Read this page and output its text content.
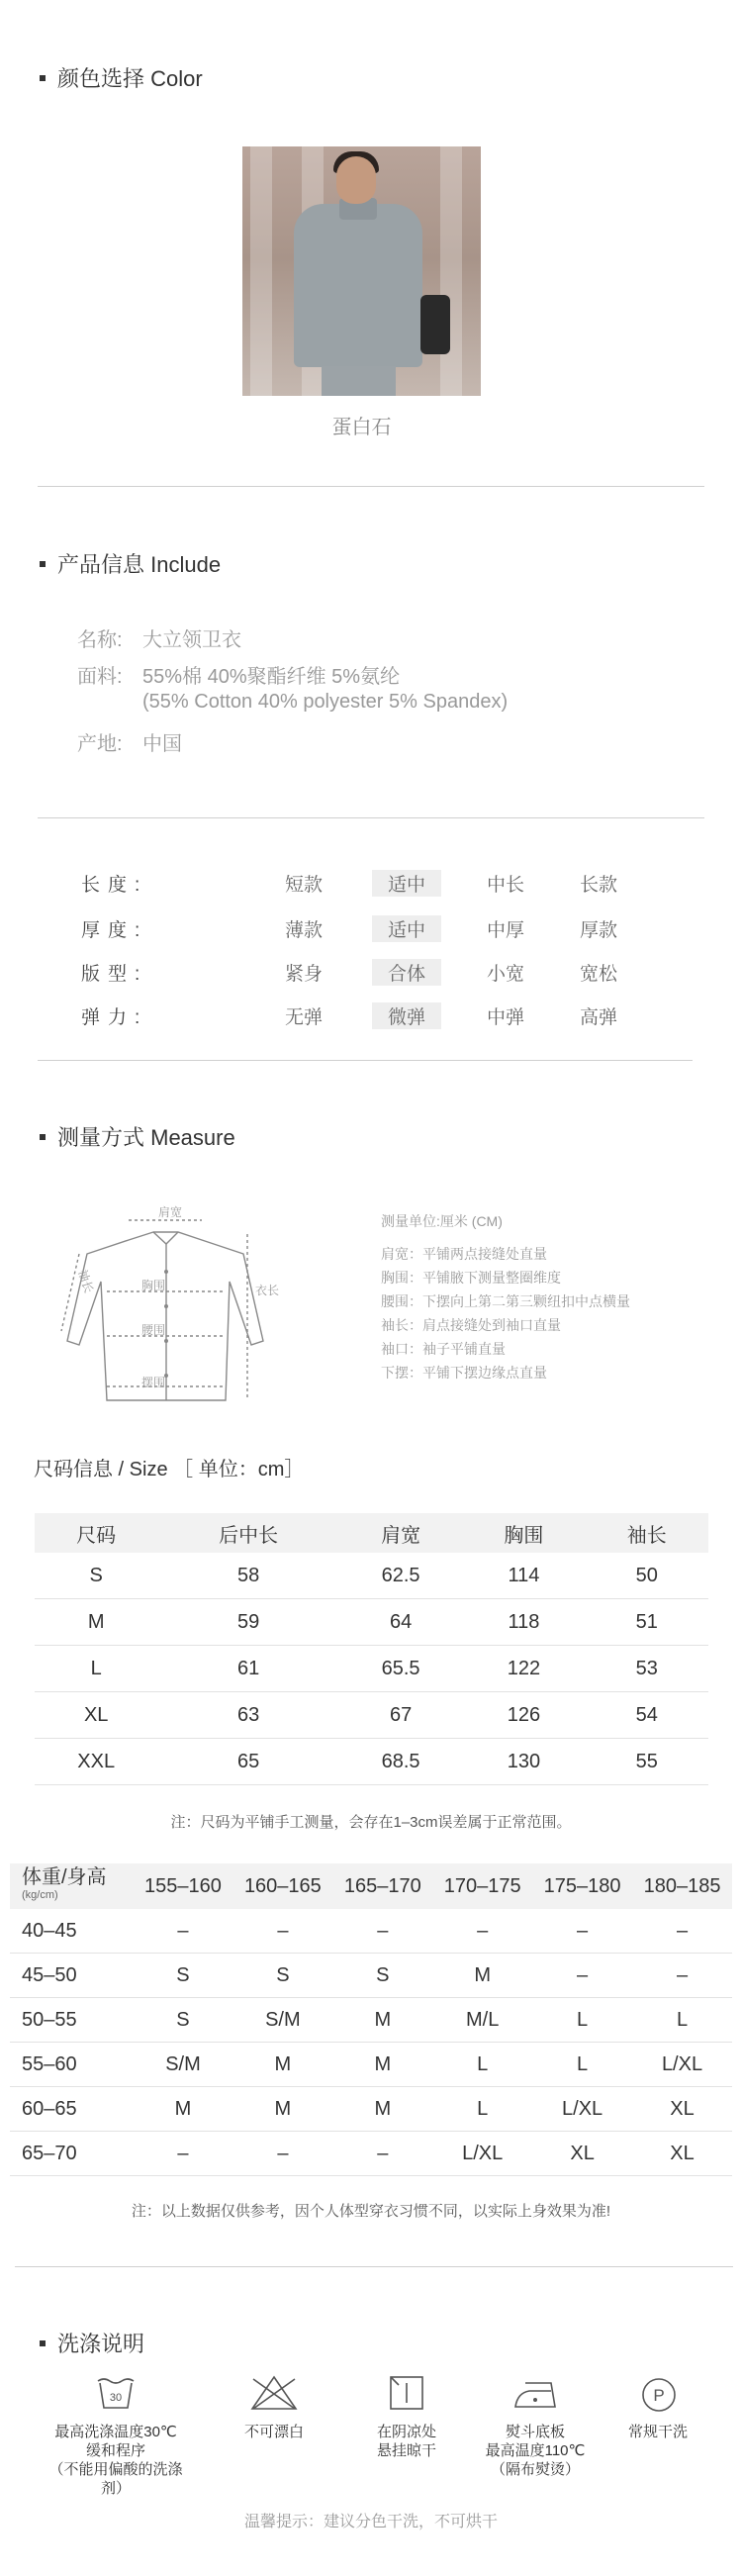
颜色选择 Color
蛋白石
产品信息 Include
名称: 大立领卫衣
面料: 55%棉 40%聚酯纤维 5%氨纶
(55% Cotton 40% polyester 5% Spandex)
产地: 中国
长度:	短款	适中	中长	长款
厚度:	薄款	适中	中厚	厚款
版型:	紧身	合体	小宽	宽松
弹力:	无弹	微弹	中弹	高弹
测量方式 Measure
肩宽
胸围
腰围
摆围
袖长	衣长
测量单位:厘米 (CM)
肩宽：平铺两点接缝处直量
胸围：平铺腋下测量整圈维度
腰围：下摆向上第二第三颗纽扣中点横量
袖长：肩点接缝处到袖口直量
袖口：袖子平铺直量
下摆：平铺下摆边缘点直量
尺码信息 / Size ［ 单位：cm］
尺码	后中长	肩宽	胸围	袖长
S	58	62.5	114	50
M	59	64	118	51
L	61	65.5	122	53
XL	63	67	126	54
XXL	65	68.5	130	55
注：尺码为平铺手工测量，会存在1–3cm误差属于正常范围。
体重/身高
(kg/cm)	155–160	160–165	165–170	170–175	175–180	180–185
40–45	–	–	–	–	–	–
45–50	S	S	S	M	–	–
50–55	S	S/M	M	M/L	L	L
55–60	S/M	M	M	L	L	L/XL
60–65	M	M	M	L	L/XL	XL
65–70	–	–	–	L/XL	XL	XL
注：以上数据仅供参考，因个人体型穿衣习惯不同，以实际上身效果为准!
洗涤说明
30
最高洗涤温度30℃
缓和程序
（不能用偏酸的洗涤剂）
不可漂白	在阴凉处
悬挂晾干
熨斗底板
最高温度110℃
（隔布熨烫）
P
常规干洗
温馨提示：建议分色干洗，不可烘干
